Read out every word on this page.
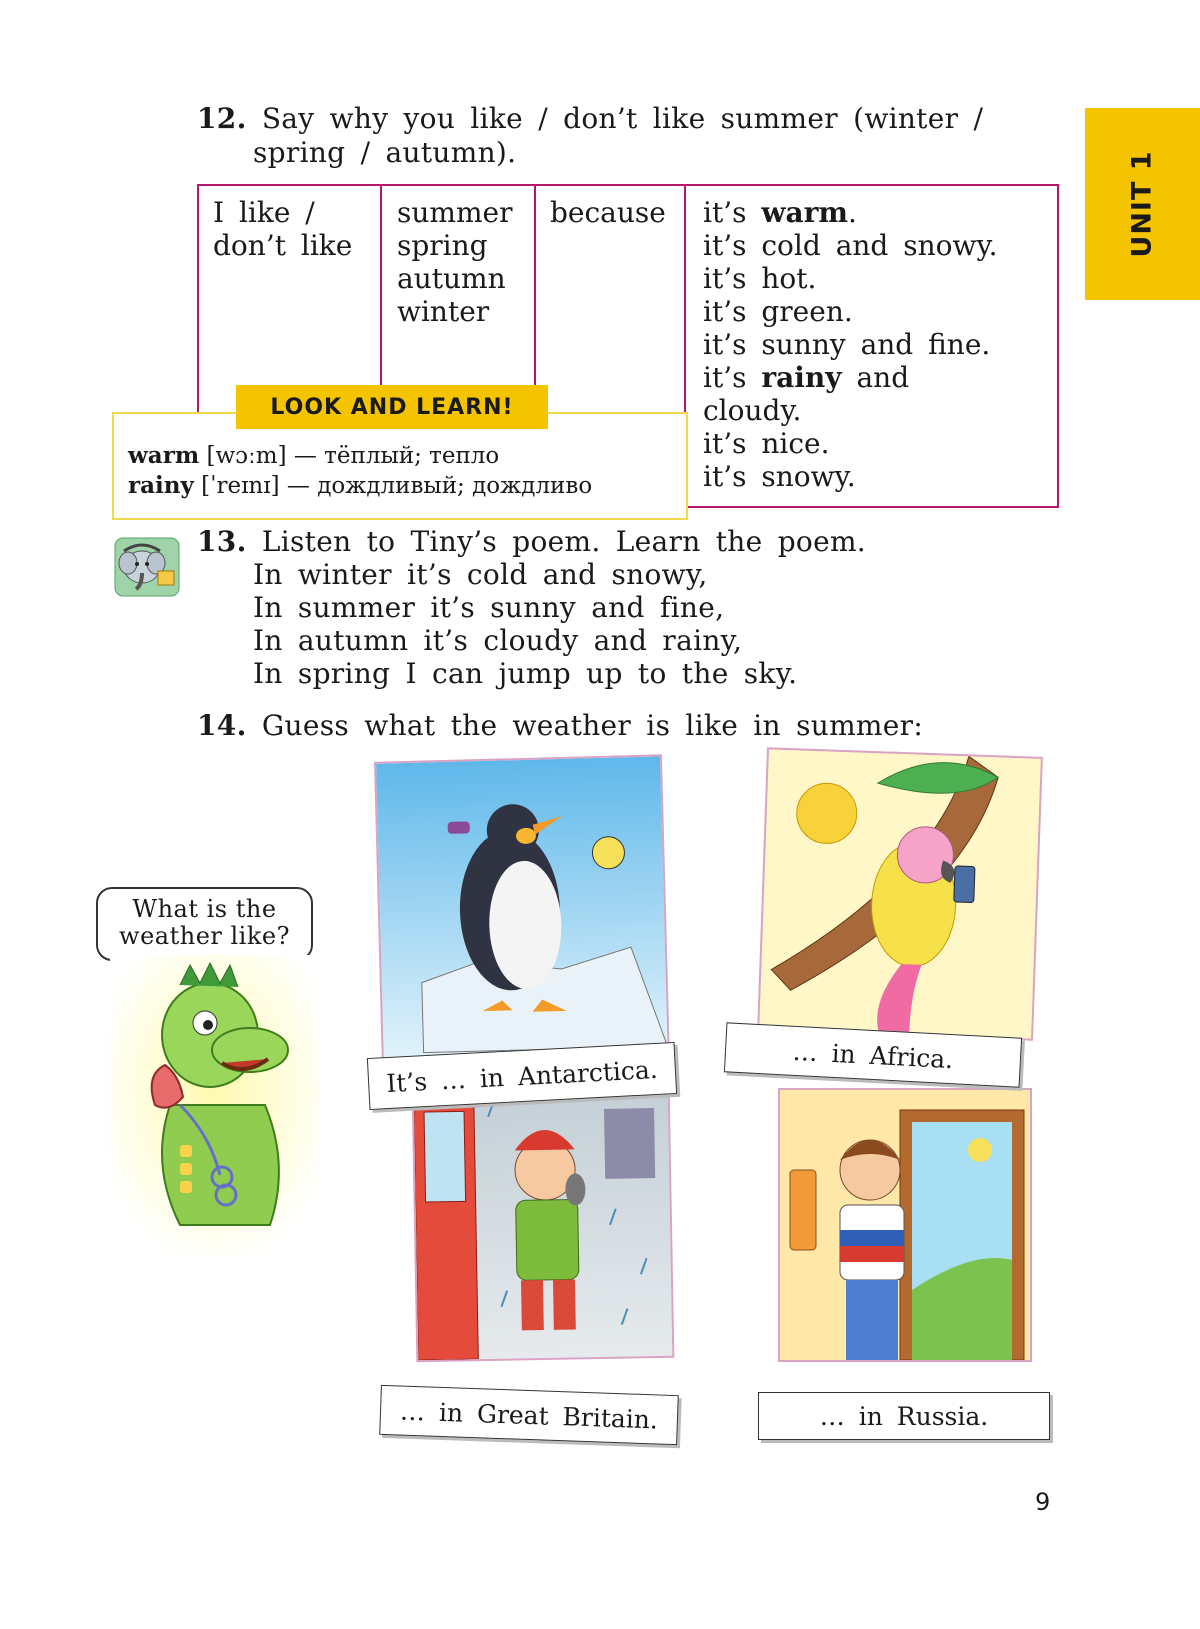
UNIT 1
12. Say why you like / don’t like summer (winter /
spring / autumn).
I like /
don’t like
summer
spring
autumn
winter
because it’s warm.
it’s cold and snowy.
it’s hot.
it’s green.
it’s sunny and fine.
it’s rainy and
cloudy.
it’s nice.
it’s snowy.
warm [wɔːm] — тёплый; тепло
rainy [ˈreɪnɪ] — дождливый; дождливо
LOOK AND LEARN!
13. Listen to Tiny’s poem. Learn the poem.
In winter it’s cold and snowy,
In summer it’s sunny and fine,
In autumn it’s cloudy and rainy,
In spring I can jump up to the sky.
14. Guess what the weather is like in summer:
What is the
weather like?
It’s … in Antarctica.	… in Africa.
… in Great Britain.	… in Russia.
9
